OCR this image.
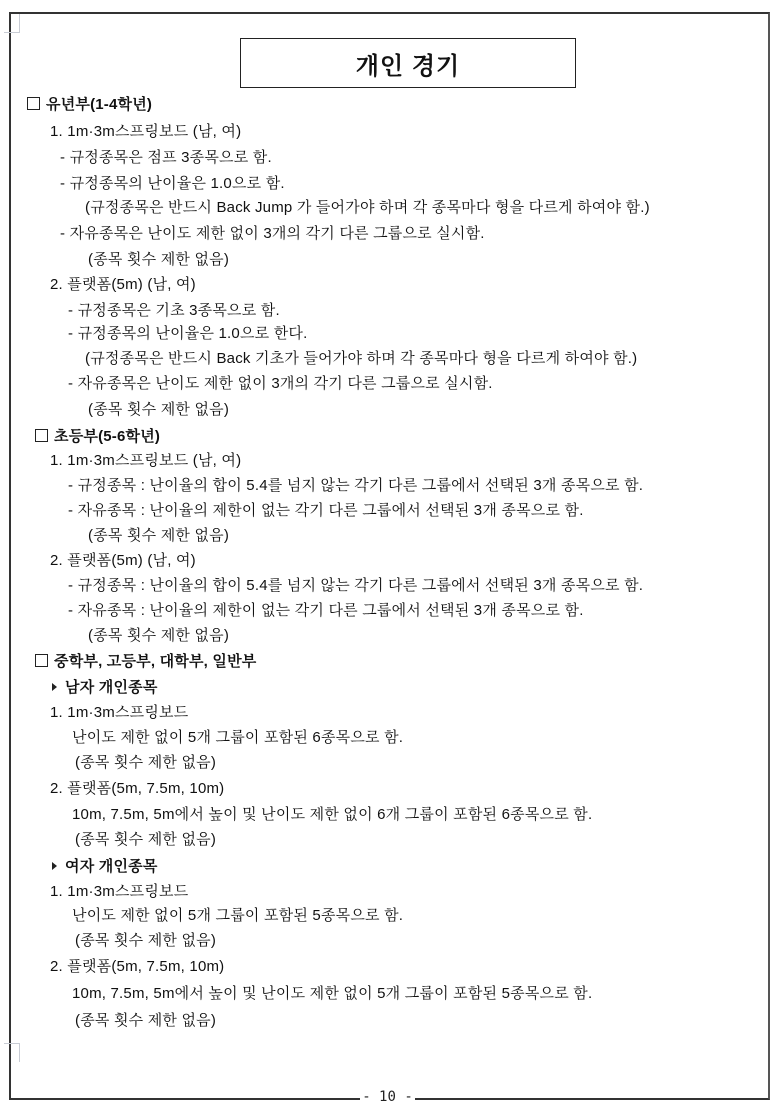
개인 경기
유년부(1-4학년)
1. 1m·3m스프링보드 (남, 여)
- 규정종목은 점프 3종목으로 함.
- 규정종목의 난이율은 1.0으로 함.
(규정종목은 반드시 Back Jump 가 들어가야 하며 각 종목마다 형을 다르게 하여야 함.)
- 자유종목은 난이도 제한 없이 3개의 각기 다른 그룹으로 실시함.
(종목 횟수 제한 없음)
2. 플랫폼(5m) (남, 여)
- 규정종목은 기초 3종목으로 함.
- 규정종목의 난이율은 1.0으로 한다.
(규정종목은 반드시 Back 기초가 들어가야 하며 각 종목마다 형을 다르게 하여야 함.)
- 자유종목은 난이도 제한 없이 3개의 각기 다른 그룹으로 실시함.
(종목 횟수 제한 없음)
초등부(5-6학년)
1. 1m·3m스프링보드 (남, 여)
- 규정종목 : 난이율의 합이 5.4를 넘지 않는 각기 다른 그룹에서 선택된 3개 종목으로 함.
- 자유종목 : 난이율의 제한이 없는 각기 다른 그룹에서 선택된 3개 종목으로 함.
(종목 횟수 제한 없음)
2. 플랫폼(5m) (남, 여)
- 규정종목 : 난이율의 합이 5.4를 넘지 않는 각기 다른 그룹에서 선택된 3개 종목으로 함.
- 자유종목 : 난이율의 제한이 없는 각기 다른 그룹에서 선택된 3개 종목으로 함.
(종목 횟수 제한 없음)
중학부, 고등부, 대학부, 일반부
남자 개인종목
1. 1m·3m스프링보드
난이도 제한 없이 5개 그룹이 포함된 6종목으로 함.
(종목 횟수 제한 없음)
2. 플랫폼(5m, 7.5m, 10m)
10m, 7.5m, 5m에서 높이 및 난이도 제한 없이 6개 그룹이 포함된 6종목으로 함.
(종목 횟수 제한 없음)
여자 개인종목
1. 1m·3m스프링보드
난이도 제한 없이 5개 그룹이 포함된 5종목으로 함.
(종목 횟수 제한 없음)
2. 플랫폼(5m, 7.5m, 10m)
10m, 7.5m, 5m에서 높이 및 난이도 제한 없이 5개 그룹이 포함된 5종목으로 함.
(종목 횟수 제한 없음)
- 10 -
